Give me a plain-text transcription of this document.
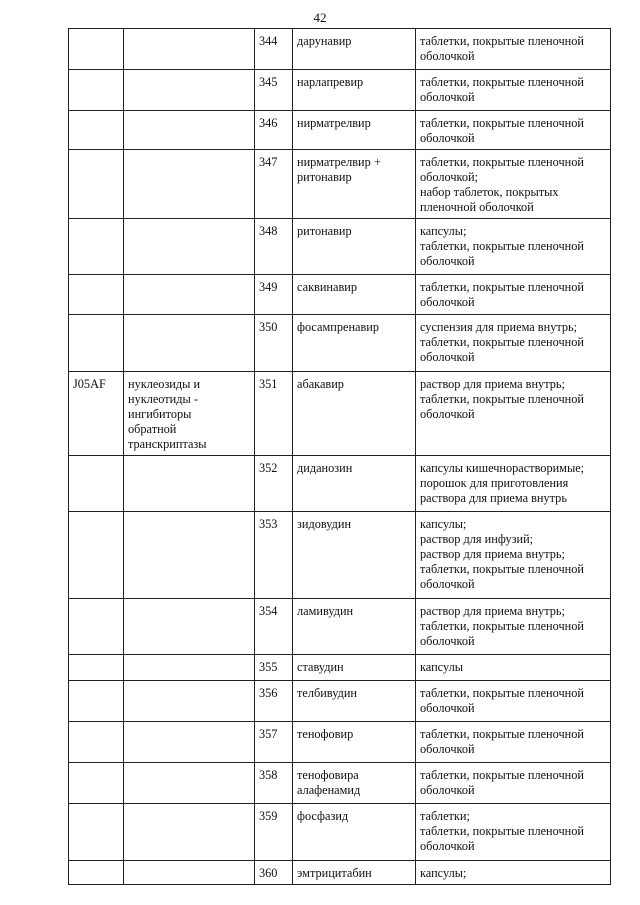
42
		344	дарунавир	таблетки, покрытые пленочной
оболочкой
		345	нарлапревир	таблетки, покрытые пленочной
оболочкой
		346	нирматрелвир	таблетки, покрытые пленочной
оболочкой
		347	нирматрелвир +
ритонавир	таблетки, покрытые пленочной
оболочкой;
набор таблеток, покрытых
пленочной оболочкой
		348	ритонавир	капсулы;
таблетки, покрытые пленочной
оболочкой
		349	саквинавир	таблетки, покрытые пленочной
оболочкой
		350	фосампренавир	суспензия для приема внутрь;
таблетки, покрытые пленочной
оболочкой
J05AF	нуклеозиды и
нуклеотиды -
ингибиторы
обратной
транскриптазы	351	абакавир	раствор для приема внутрь;
таблетки, покрытые пленочной
оболочкой
		352	диданозин	капсулы кишечнорастворимые;
порошок для приготовления
раствора для приема внутрь
		353	зидовудин	капсулы;
раствор для инфузий;
раствор для приема внутрь;
таблетки, покрытые пленочной
оболочкой
		354	ламивудин	раствор для приема внутрь;
таблетки, покрытые пленочной
оболочкой
		355	ставудин	капсулы
		356	телбивудин	таблетки, покрытые пленочной
оболочкой
		357	тенофовир	таблетки, покрытые пленочной
оболочкой
		358	тенофовира
алафенамид	таблетки, покрытые пленочной
оболочкой
		359	фосфазид	таблетки;
таблетки, покрытые пленочной
оболочкой
		360	эмтрицитабин	капсулы;
